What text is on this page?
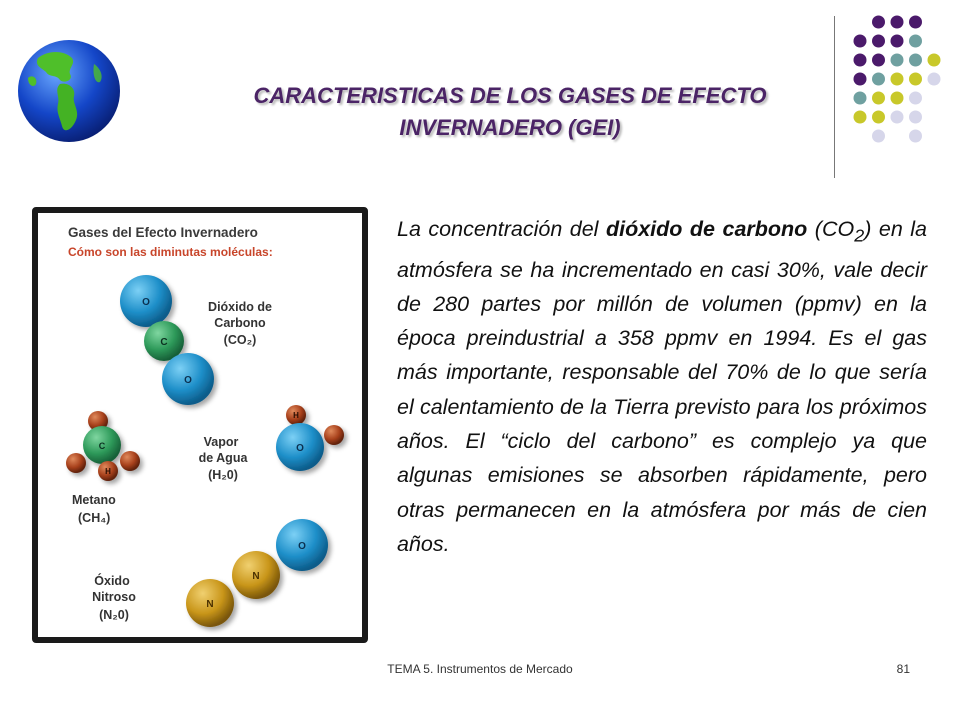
CARACTERISTICAS DE LOS GASES DE EFECTO
INVERNADERO (GEI)
Gases del Efecto Invernadero
Cómo son las diminutas moléculas:
O
C
O
Dióxido de
Carbono
(CO₂)
C
H
Metano
(CH₄)
H
O
Vapor
de Agua
(H₂0)
O
N
N
Óxido
Nitroso
(N₂0)
La concentración del dióxido de carbono $(CO_2)$ en la atmósfera se ha incrementado en casi 30%, vale decir de 280 partes por millón de volumen (ppmv) en la época preindustrial a 358 ppmv en 1994. Es el gas más importante, responsable del 70% de lo que sería el calentamiento de la Tierra previsto para los próximos años. El “ciclo del carbono” es complejo ya que algunas emisiones se absorben rápidamente, pero otras permanecen en la atmósfera por más de cien años.
TEMA 5. Instrumentos de Mercado	81
